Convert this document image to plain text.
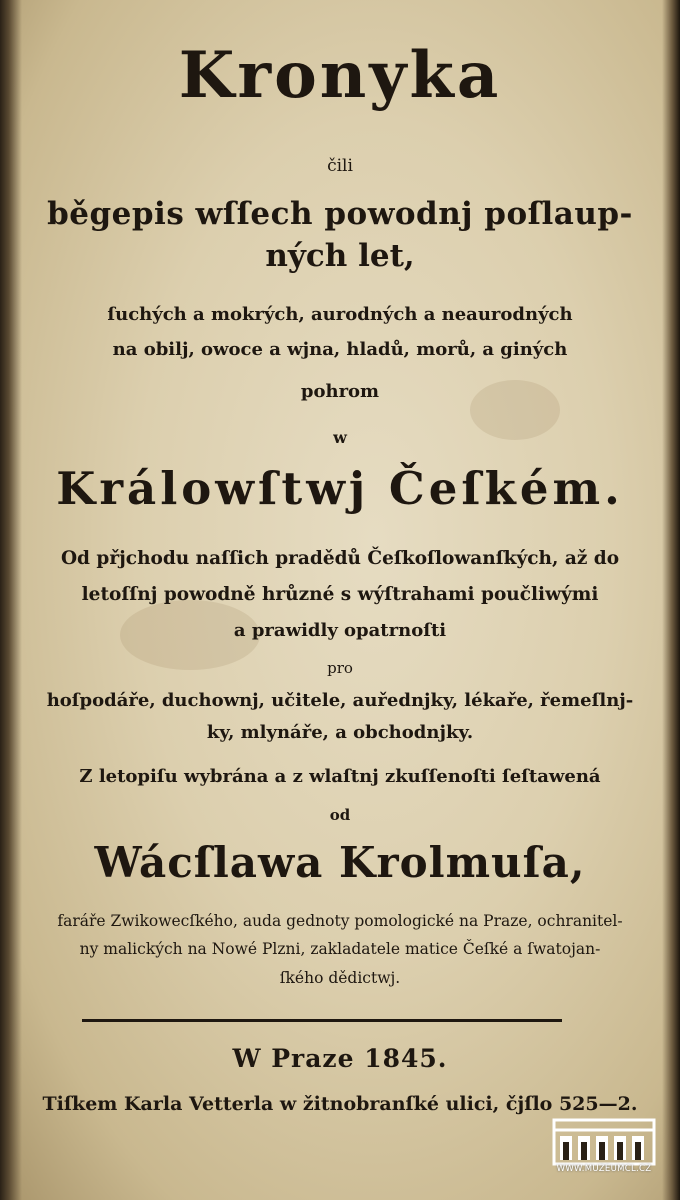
Kronyka
čili
běgepis wſſech powodnj poſlaup-
ných let,
ſuchých a mokrých, aurodných a neaurodných
na obilj, owoce a wjna, hladů, morů, a giných
pohrom
w
Králowſtwj Čeſkém.
Od přjchodu naſſich pradědů Čeſkoſlowanſkých, až do
letoſſnj powodně hrůzné s wýſtrahami poučliwými
a prawidly opatrnoſti
pro
hoſpodáře, duchownj, učitele, auřednjky, lékaře, řemeſlnj-
ky, mlynáře, a obchodnjky.
Z letopiſu wybrána a z wlaſtnj zkuſſenoſti ſeſtawená
od
Wácſlawa Krolmuſa,
faráře Zwikowecſkého, auda gednoty pomologické na Praze, ochranitel-
ny malických na Nowé Plzni, zakladatele matice Čeſké a ſwatojan-
ſkého dědictwj.
W Praze 1845.
Tiſkem Karla Vetterla w žitnobranſké ulici, čjſlo 525—2.
WWW.MUZEUMCL.CZ
